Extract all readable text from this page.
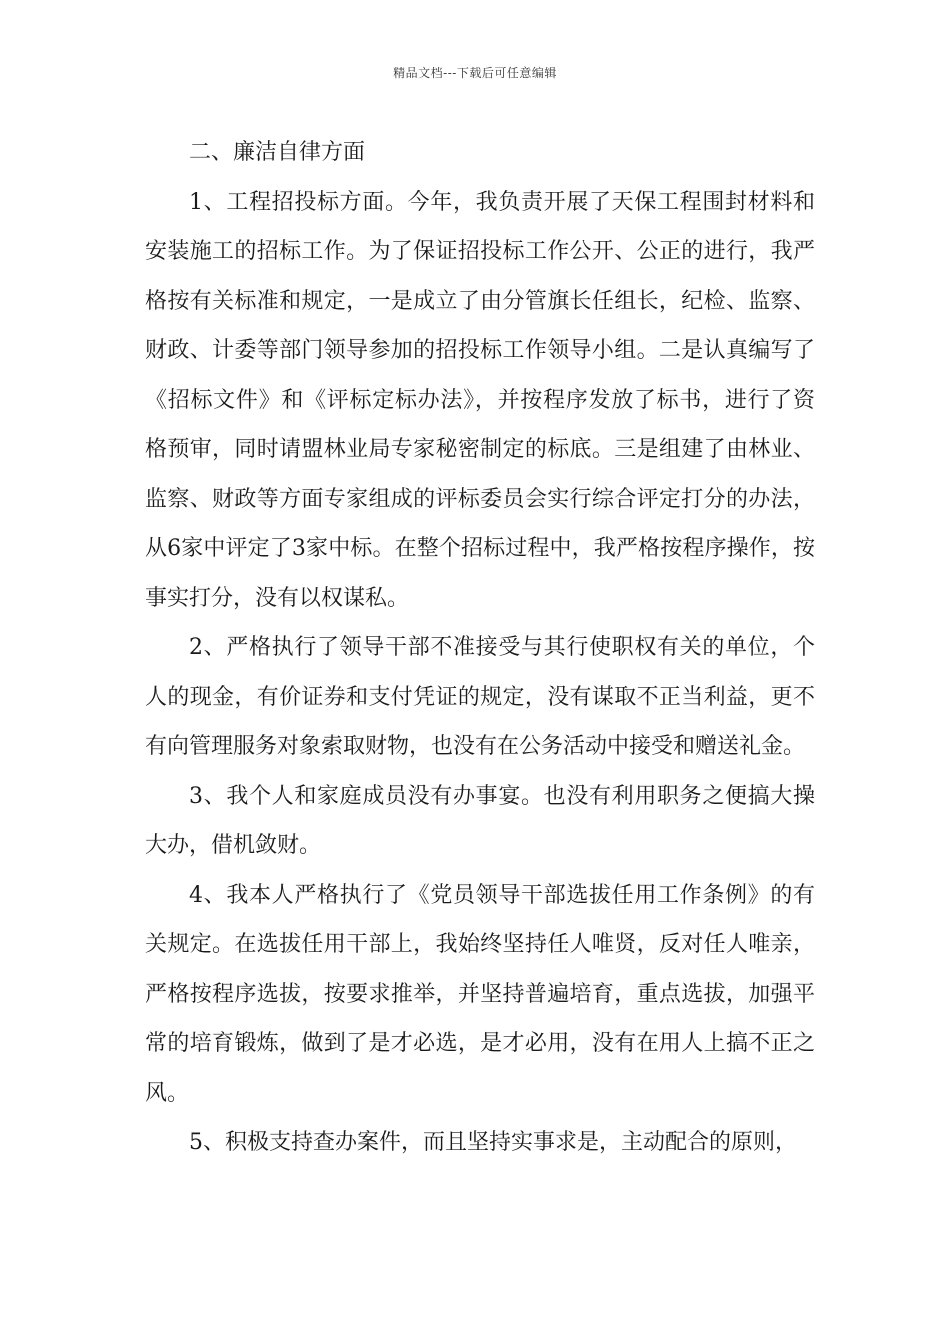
精品文档---下载后可任意编辑

二、廉洁自律方面

1、工程招投标方面。今年，我负责开展了天保工程围封材料和安装施工的招标工作。为了保证招投标工作公开、公正的进行，我严格按有关标准和规定，一是成立了由分管旗长任组长，纪检、监察、财政、计委等部门领导参加的招投标工作领导小组。二是认真编写了《招标文件》和《评标定标办法》，并按程序发放了标书，进行了资格预审，同时请盟林业局专家秘密制定的标底。三是组建了由林业、监察、财政等方面专家组成的评标委员会实行综合评定打分的办法，从6家中评定了3家中标。在整个招标过程中，我严格按程序操作，按事实打分，没有以权谋私。

2、严格执行了领导干部不准接受与其行使职权有关的单位，个人的现金，有价证券和支付凭证的规定，没有谋取不正当利益，更不有向管理服务对象索取财物，也没有在公务活动中接受和赠送礼金。

3、我个人和家庭成员没有办事宴。也没有利用职务之便搞大操大办，借机敛财。

4、我本人严格执行了《党员领导干部选拔任用工作条例》的有关规定。在选拔任用干部上，我始终坚持任人唯贤，反对任人唯亲，严格按程序选拔，按要求推举，并坚持普遍培育，重点选拔，加强平常的培育锻炼，做到了是才必选，是才必用，没有在用人上搞不正之风。

5、积极支持查办案件，而且坚持实事求是，主动配合的原则，
